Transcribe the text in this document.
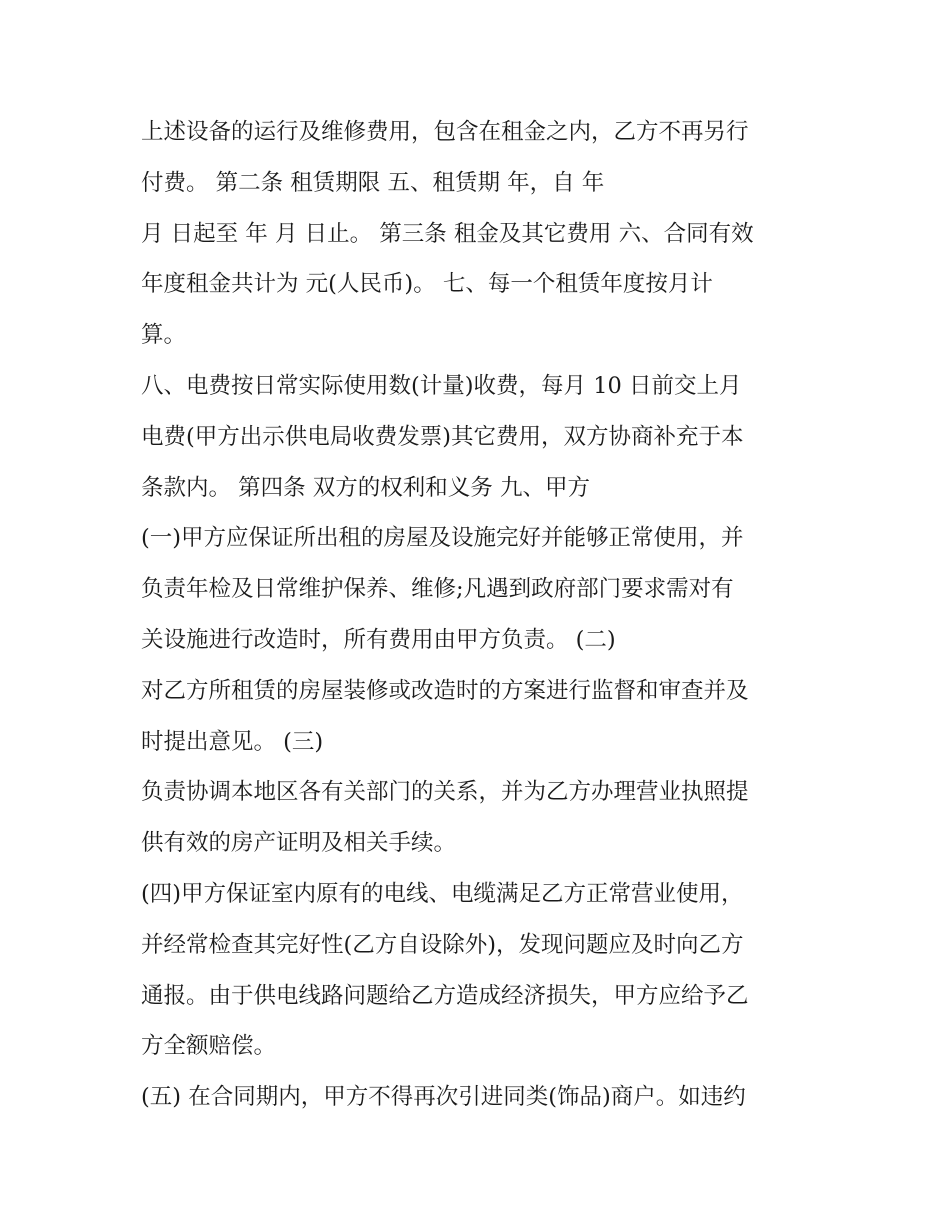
上述设备的运行及维修费用，包含在租金之内，乙方不再另行
付费。 第二条 租赁期限 五、租赁期 年，自 年
月 日起至 年 月 日止。 第三条 租金及其它费用 六、合同有效
年度租金共计为 元(人民币)。 七、每一个租赁年度按月计
算。
八、电费按日常实际使用数(计量)收费，每月 10 日前交上月
电费(甲方出示供电局收费发票)其它费用，双方协商补充于本
条款内。 第四条 双方的权利和义务 九、甲方
(一)甲方应保证所出租的房屋及设施完好并能够正常使用，并
负责年检及日常维护保养、维修;凡遇到政府部门要求需对有
关设施进行改造时，所有费用由甲方负责。 (二)
对乙方所租赁的房屋装修或改造时的方案进行监督和审查并及
时提出意见。 (三)
负责协调本地区各有关部门的关系，并为乙方办理营业执照提
供有效的房产证明及相关手续。
(四)甲方保证室内原有的电线、电缆满足乙方正常营业使用，
并经常检查其完好性(乙方自设除外)，发现问题应及时向乙方
通报。由于供电线路问题给乙方造成经济损失，甲方应给予乙
方全额赔偿。
(五) 在合同期内，甲方不得再次引进同类(饰品)商户。如违约
